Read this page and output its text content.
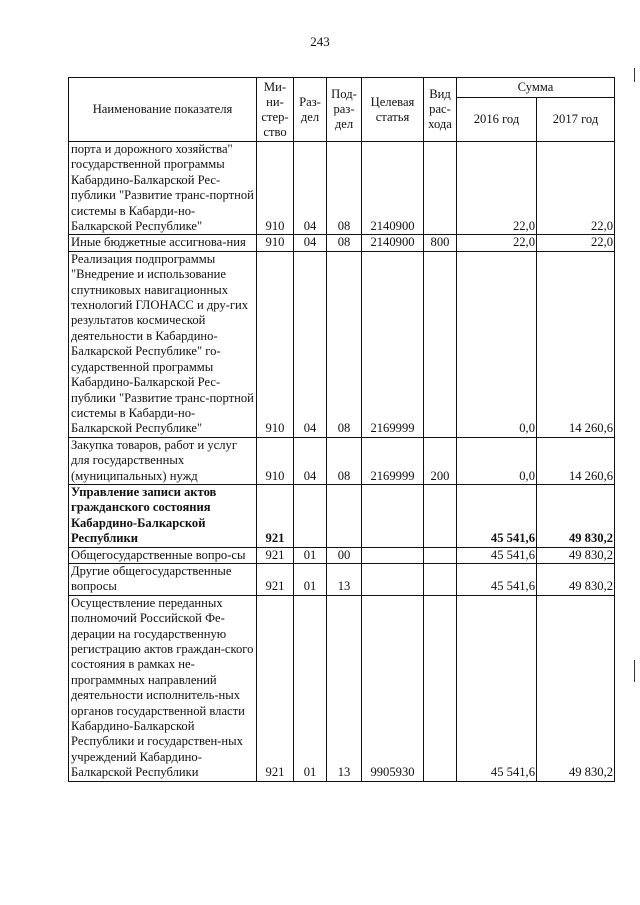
243
Наименование показателя	Ми-ни-стер-ство	Раз-дел	Под-раз-дел	Целевая статья	Вид рас-хода	Сумма	
						2016 год	2017 год
порта и дорожного хозяйства" государственной программы Кабардино-Балкарской Рес-публики "Развитие транс-портной системы в Кабарди-но-Балкарской Республике"	910	04	08	2140900		22,0	22,0
Иные бюджетные ассигнова-ния	910	04	08	2140900	800	22,0	22,0
Реализация подпрограммы "Внедрение и использование спутниковых навигационных технологий ГЛОНАСС и дру-гих результатов космической деятельности в Кабардино-Балкарской Республике" го-сударственной программы Кабардино-Балкарской Рес-публики "Развитие транс-портной системы в Кабарди-но-Балкарской Республике"	910	04	08	2169999		0,0	14 260,6
Закупка товаров, работ и услуг для государственных (муниципальных) нужд	910	04	08	2169999	200	0,0	14 260,6
Управление записи актов гражданского состояния Кабардино-Балкарской Республики	921					45 541,6	49 830,2
Общегосударственные вопро-сы	921	01	00			45 541,6	49 830,2
Другие общегосударственные вопросы	921	01	13			45 541,6	49 830,2
Осуществление переданных полномочий Российской Фе-дерации на государственную регистрацию актов граждан-ского состояния в рамках не-программных направлений деятельности исполнитель-ных органов государственной власти Кабардино-Балкарской Республики и государствен-ных учреждений Кабардино-Балкарской Республики	921	01	13	9905930		45 541,6	49 830,2
